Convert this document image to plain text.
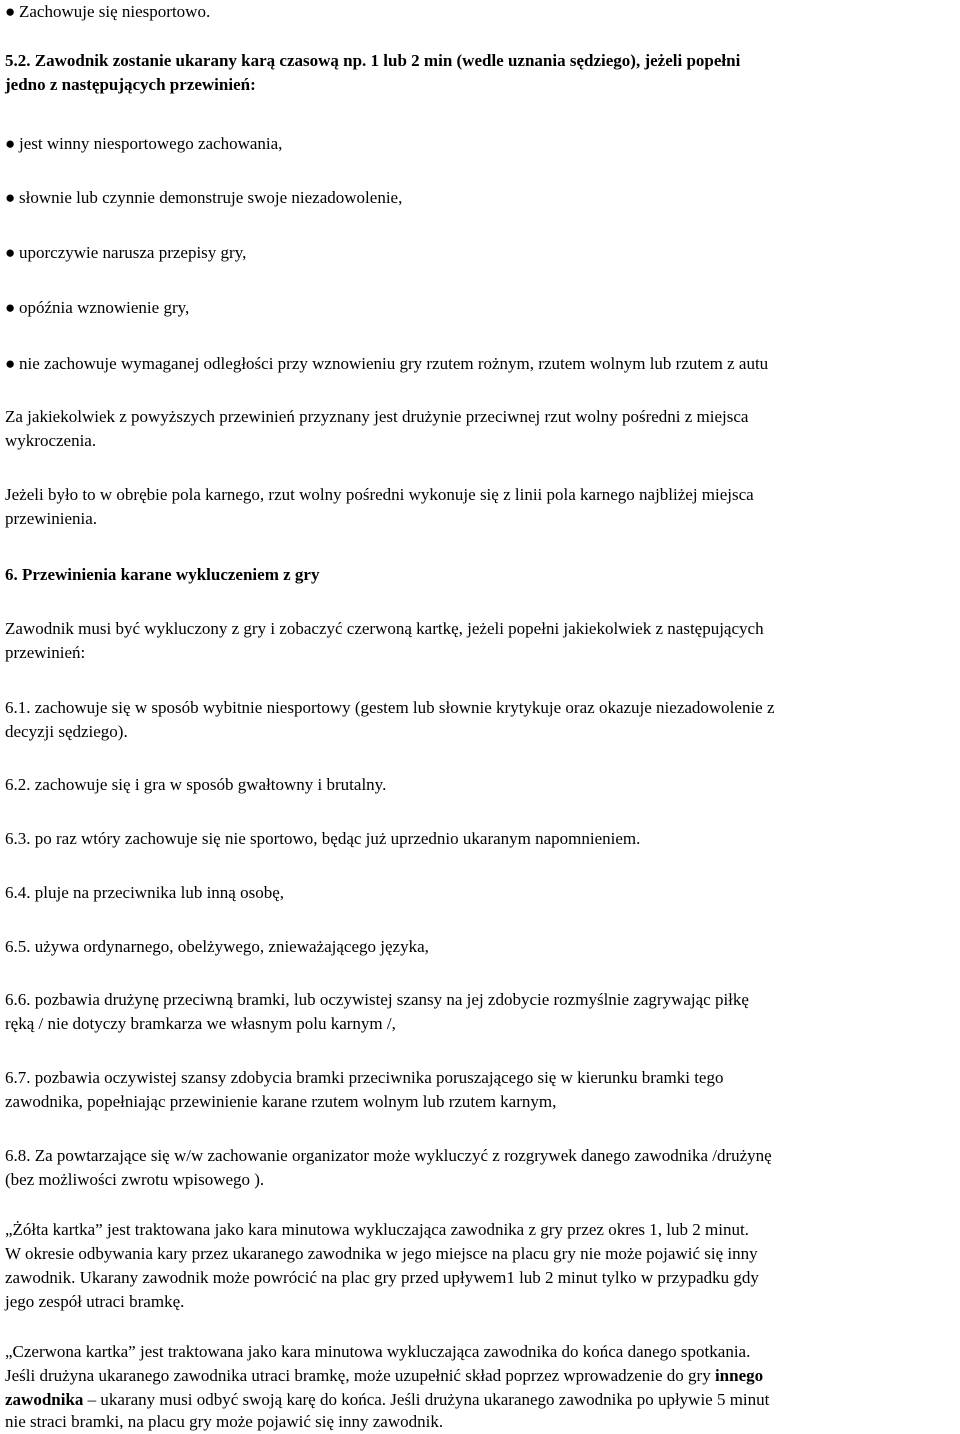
● Zachowuje się niesportowo.
5.2. Zawodnik zostanie ukarany karą czasową np. 1 lub 2 min (wedle uznania sędziego), jeżeli popełni
jedno z następujących przewinień:
● jest winny niesportowego zachowania,
● słownie lub czynnie demonstruje swoje niezadowolenie,
● uporczywie narusza przepisy gry,
● opóźnia wznowienie gry,
● nie zachowuje wymaganej odległości przy wznowieniu gry rzutem rożnym, rzutem wolnym lub rzutem z autu
Za jakiekolwiek z powyższych przewinień przyznany jest drużynie przeciwnej rzut wolny pośredni z miejsca
wykroczenia.
Jeżeli było to w obrębie pola karnego, rzut wolny pośredni wykonuje się z linii pola karnego najbliżej miejsca
przewinienia.
6. Przewinienia karane wykluczeniem z gry
Zawodnik musi być wykluczony z gry i zobaczyć czerwoną kartkę, jeżeli popełni jakiekolwiek z następujących
przewinień:
6.1. zachowuje się w sposób wybitnie niesportowy (gestem lub słownie krytykuje oraz okazuje niezadowolenie z
decyzji sędziego).
6.2. zachowuje się i gra w sposób gwałtowny i brutalny.
6.3. po raz wtóry zachowuje się nie sportowo, będąc już uprzednio ukaranym napomnieniem.
6.4. pluje na przeciwnika lub inną osobę,
6.5. używa ordynarnego, obelżywego, znieważającego języka,
6.6. pozbawia drużynę przeciwną bramki, lub oczywistej szansy na jej zdobycie rozmyślnie zagrywając piłkę
ręką / nie dotyczy bramkarza we własnym polu karnym /,
6.7. pozbawia oczywistej szansy zdobycia bramki przeciwnika poruszającego się w kierunku bramki tego
zawodnika, popełniając przewinienie karane rzutem wolnym lub rzutem karnym,
6.8. Za powtarzające się w/w zachowanie organizator może wykluczyć z rozgrywek danego zawodnika /drużynę
(bez możliwości zwrotu wpisowego ).
„Żółta kartka” jest traktowana jako kara minutowa wykluczająca zawodnika z gry przez okres 1, lub 2 minut.
W okresie odbywania kary przez ukaranego zawodnika w jego miejsce na placu gry nie może pojawić się inny
zawodnik. Ukarany zawodnik może powrócić na plac gry przed upływem1 lub 2 minut tylko w przypadku gdy
jego zespół utraci bramkę.
„Czerwona kartka” jest traktowana jako kara minutowa wykluczająca zawodnika do końca danego spotkania.
Jeśli drużyna ukaranego zawodnika utraci bramkę, może uzupełnić skład poprzez wprowadzenie do gry innego
zawodnika – ukarany musi odbyć swoją karę do końca. Jeśli drużyna ukaranego zawodnika po upływie 5 minut
nie straci bramki, na placu gry może pojawić się inny zawodnik.
